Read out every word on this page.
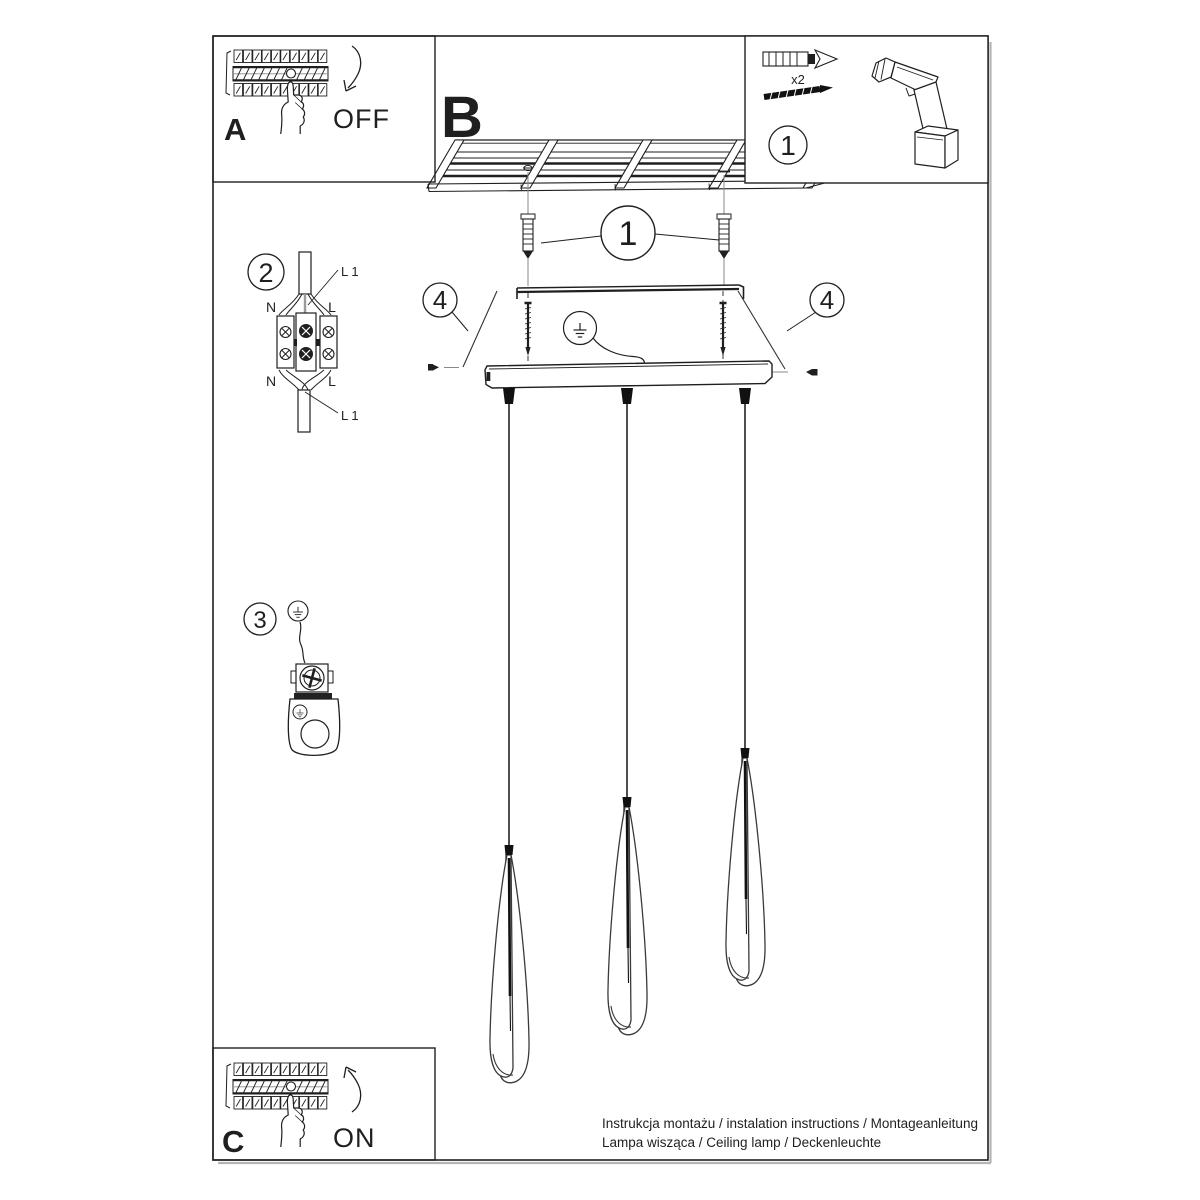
A	OFF B
x2
1
1
4	4
2
N	L
N	L
L 1
L 1
3
C	ON	Instrukcja montażu / instalation instructions / Montageanleitung
Lampa wisząca / Ceiling lamp / Deckenleuchte
